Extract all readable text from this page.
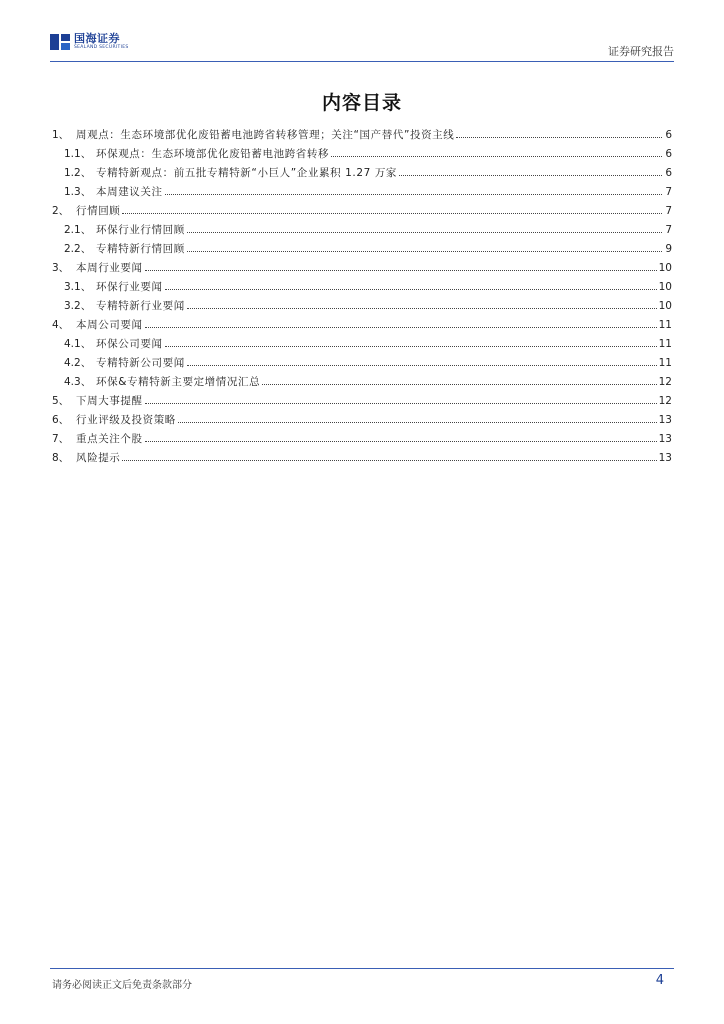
国海证券
SEALAND SECURITIES	证券研究报告
内容目录
1、 周观点：生态环境部优化废铅蓄电池跨省转移管理；关注“国产替代”投资主线	6
1.1、 环保观点：生态环境部优化废铅蓄电池跨省转移	6
1.2、 专精特新观点：前五批专精特新“小巨人”企业累积 1.27 万家	6
1.3、 本周建议关注	7
2、 行情回顾	7
2.1、 环保行业行情回顾	7
2.2、 专精特新行情回顾	9
3、 本周行业要闻	10
3.1、 环保行业要闻	10
3.2、 专精特新行业要闻	10
4、 本周公司要闻	11
4.1、 环保公司要闻	11
4.2、 专精特新公司要闻	11
4.3、 环保&专精特新主要定增情况汇总	12
5、 下周大事提醒	12
6、 行业评级及投资策略	13
7、 重点关注个股	13
8、 风险提示	13
请务必阅读正文后免责条款部分	4
